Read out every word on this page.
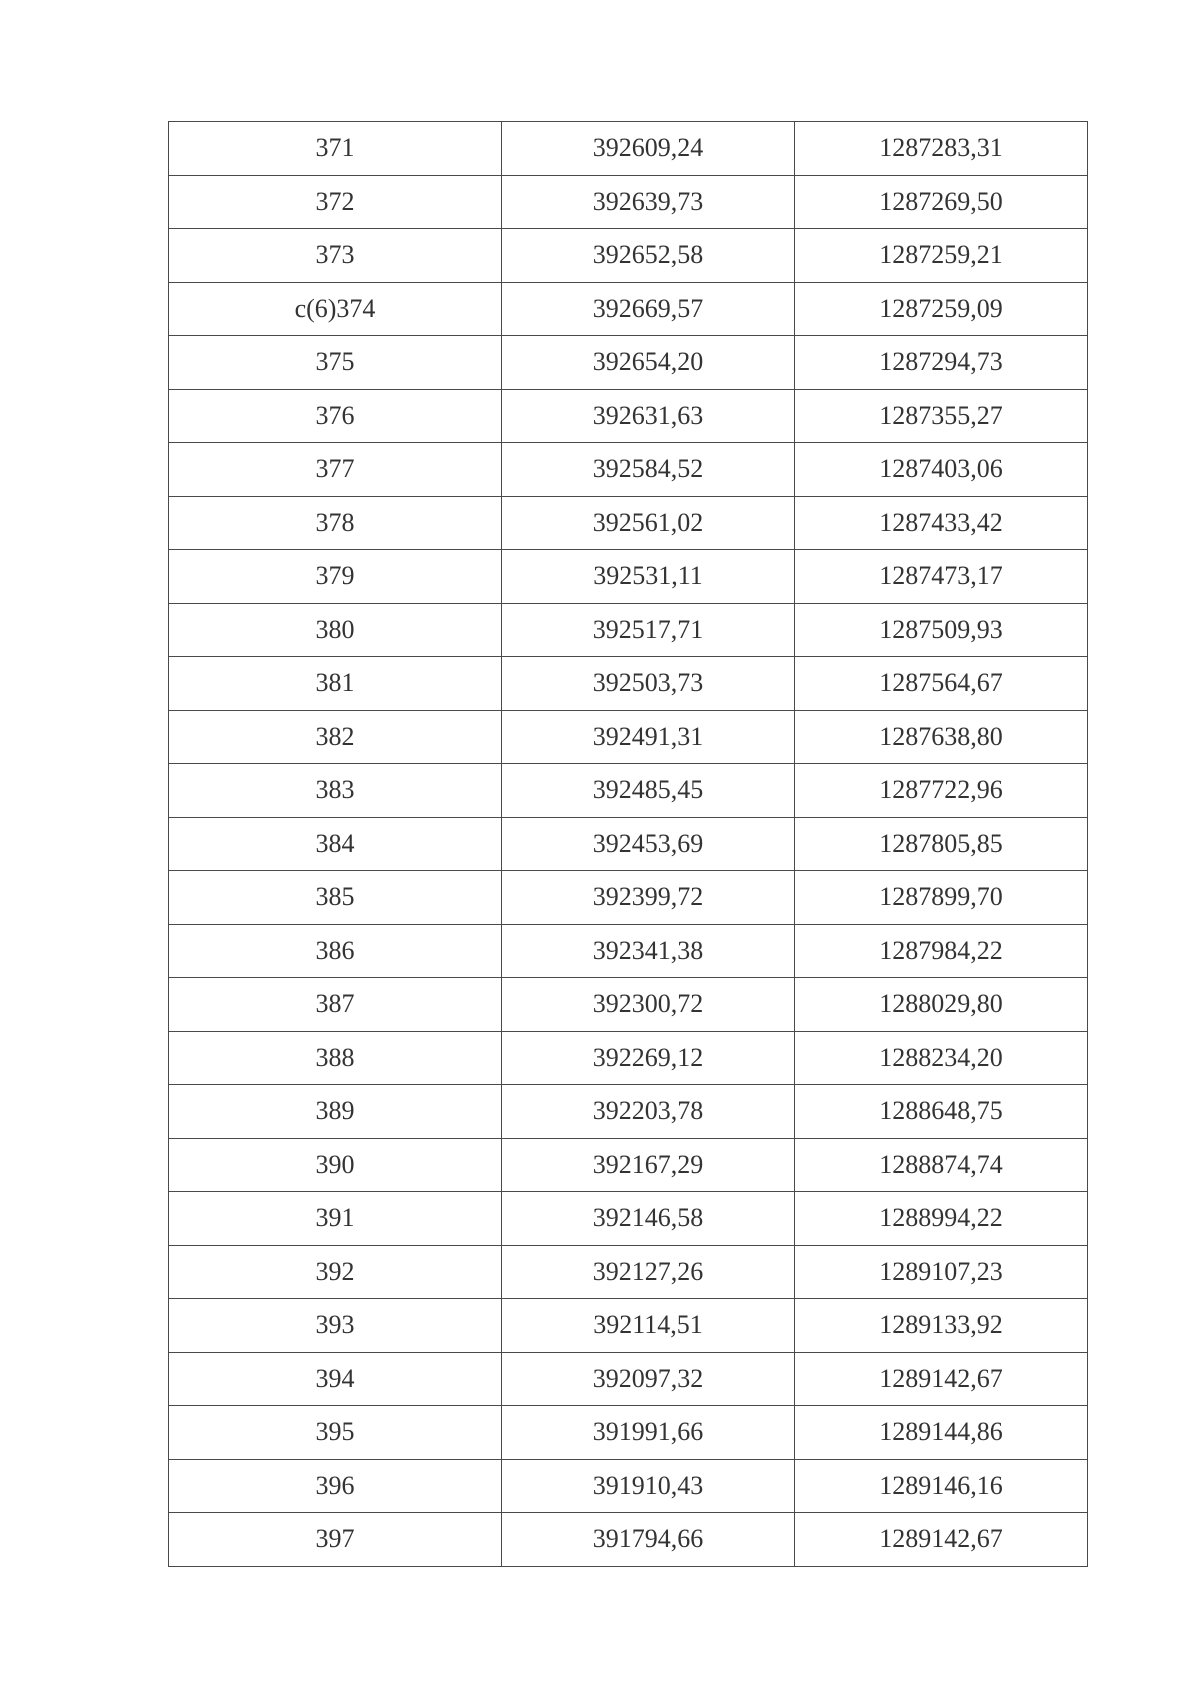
371	392609,24	1287283,31
372	392639,73	1287269,50
373	392652,58	1287259,21
с(6)374	392669,57	1287259,09
375	392654,20	1287294,73
376	392631,63	1287355,27
377	392584,52	1287403,06
378	392561,02	1287433,42
379	392531,11	1287473,17
380	392517,71	1287509,93
381	392503,73	1287564,67
382	392491,31	1287638,80
383	392485,45	1287722,96
384	392453,69	1287805,85
385	392399,72	1287899,70
386	392341,38	1287984,22
387	392300,72	1288029,80
388	392269,12	1288234,20
389	392203,78	1288648,75
390	392167,29	1288874,74
391	392146,58	1288994,22
392	392127,26	1289107,23
393	392114,51	1289133,92
394	392097,32	1289142,67
395	391991,66	1289144,86
396	391910,43	1289146,16
397	391794,66	1289142,67
